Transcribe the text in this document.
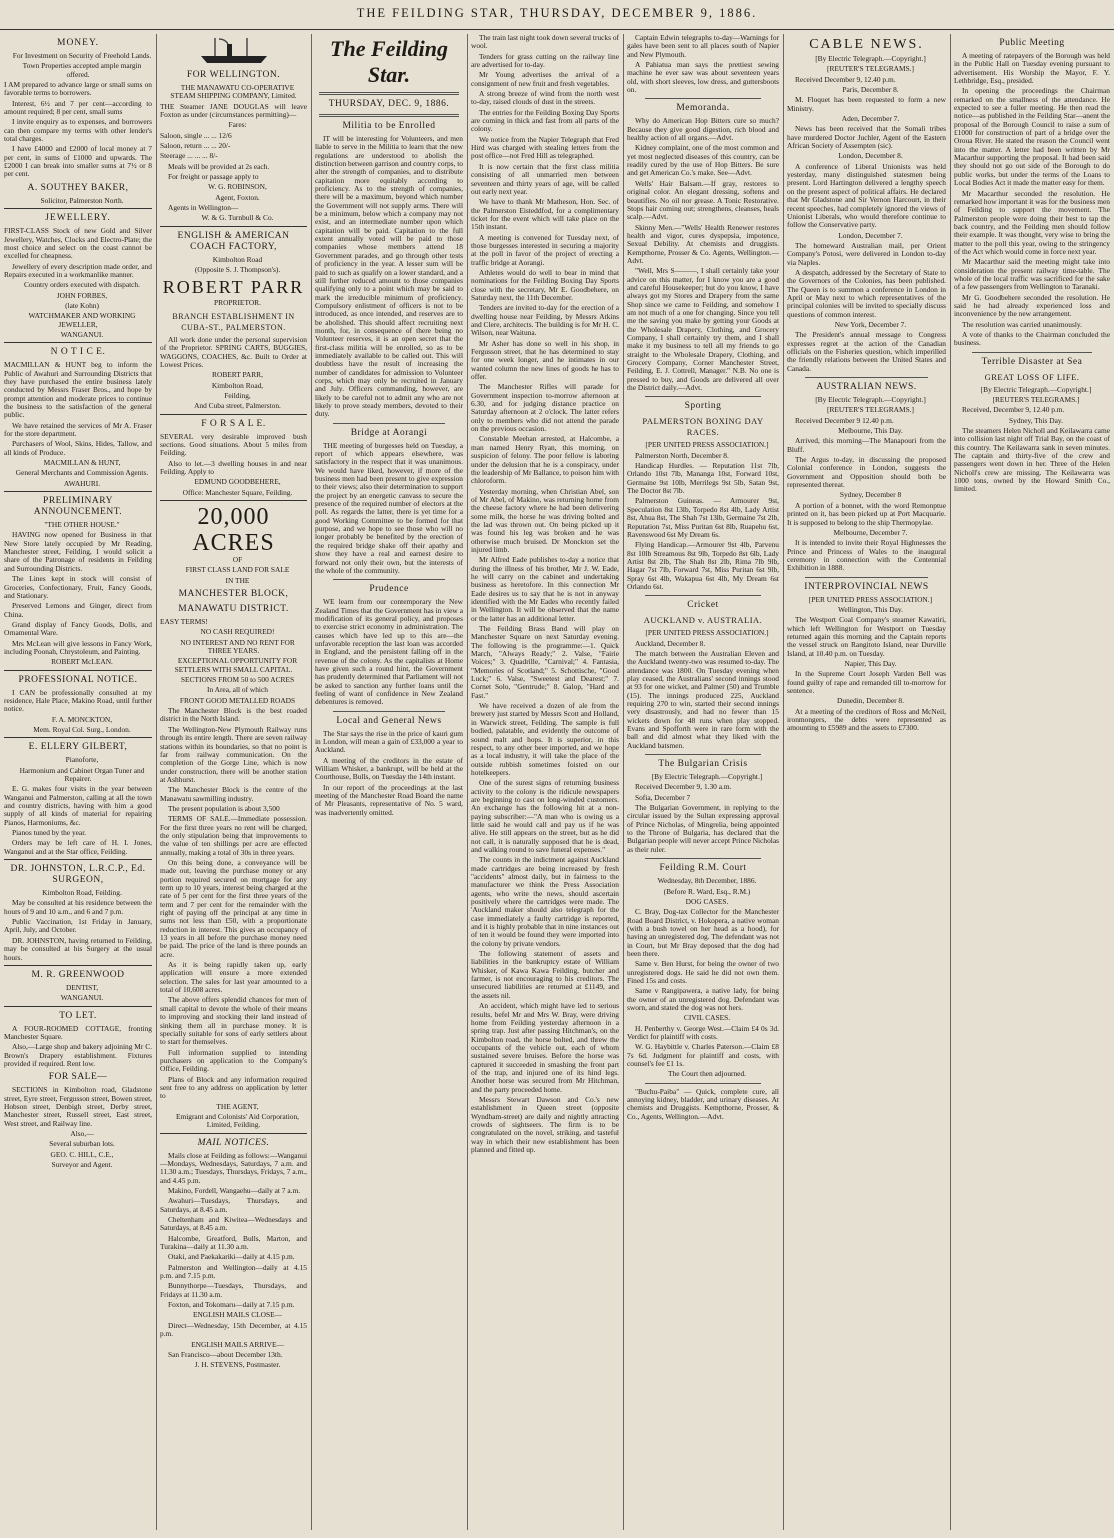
THE FEILDING STAR, THURSDAY, DECEMBER 9, 1886.
MONEY.

For Investment on Security of Freehold Lands.

Town Properties accepted ample margin offered.

I AM prepared to advance large or small sums on favorable terms to borrowers.

Interest, 6½ and 7 per cent—according to amount required; 8 per cent, small sums

I invite enquiry as to expenses, and borrowers can then compare my terms with other lender's total charges.

I have £4000 and £2000 of local money at 7 per cent, in sums of £1000 and upwards. The £2000 I can break into smaller sums at 7½ or 8 per cent.

A. SOUTHEY BAKER,

Solicitor, Palmerston North.

JEWELLERY.

FIRST-CLASS Stock of new Gold and Silver Jewellery, Watches, Clocks and Electro-Plate; the most choice and select on the coast cannot be excelled for cheapness.

Jewellery of every description made order, and Repairs executed in a workmanlike manner.

Country orders executed with dispatch.

JOHN FORBES,

(late Kohn)

WATCHMAKER AND WORKING JEWELLER,

WANGANUI.

N O T I C E.

MACMILLAN & HUNT beg to inform the Public of Awahuri and Surrounding Districts that they have purchased the entire business lately conducted by Messrs Fraser Bros., and hope by prompt attention and moderate prices to continue the business to the satisfaction of the general public.

We have retained the services of Mr A. Fraser for the store department.

Purchasers of Wool, Skins, Hides, Tallow, and all kinds of Produce.

MACMILLAN & HUNT,

General Merchants and Commission Agents.

AWAHURI.

PRELIMINARY ANNOUNCEMENT.

"THE OTHER HOUSE."

HAVING now opened for Business in that New Store lately occupied by Mr Reading, Manchester street, Feilding, I would solicit a share of the Patronage of residents in Feilding and Surrounding Districts.

The Lines kept in stock will consist of Groceries, Confectionary, Fruit, Fancy Goods, and Stationary.

Preserved Lemons and Ginger, direct from China.

Grand display of Fancy Goods, Dolls, and Ornamental Ware.

Mrs McLean will give lessons in Fancy Work, including Poonah, Chrystoleum, and Painting.

ROBERT McLEAN.

PROFESSIONAL NOTICE.

I CAN be professionally consulted at my residence, Hale Place, Makino Road, until further notice.

F. A. MONCKTON,

Mem. Royal Col. Surg., London.

E. ELLERY GILBERT,

Pianoforte,

Harmonium and Cabinet Organ Tuner and Repairer.

E. G. makes four visits in the year between Wanganui and Palmerston, calling at all the town and country districts, having with him a good supply of all kinds of material for repairing Pianos, Harmoniums, &c.

Pianos tuned by the year.

Orders may be left care of H. I. Jones, Wanganui and at the Star office, Feilding.

DR. JOHNSTON, L.R.C.P., Ed. SURGEON,

Kimbolton Road, Feilding.

May be consulted at his residence between the hours of 9 and 10 a.m., and 6 and 7 p.m.

Public Vaccination, 1st Friday in January, April, July, and October.

DR. JOHNSTON, having returned to Feilding, may be consulted at his Surgery at the usual hours.

M. R. GREENWOOD

DENTIST,

WANGANUI.

TO LET.

A FOUR-ROOMED COTTAGE, fronting Manchester Square.

Also,—Large shop and bakery adjoining Mr C. Brown's Drapery establishment. Fixtures provided if required. Rent low.

FOR SALE—

SECTIONS in Kimbolton road, Gladstone street, Eyre street, Fergusson street, Bowen street, Hobson street, Denbigh street, Derby street, Manchester street, Russell street, East street, West street, and Railway line.

Also,—

Several suburban lots.

GEO. C. HILL, C.E.,

Surveyor and Agent.

FOR WELLINGTON.

THE MANAWATU CO-OPERATIVE STEAM SHIPPING COMPANY, Limited.

THE Steamer JANE DOUGLAS will leave Foxton as under (circumstances permitting)—

Fares:

Saloon, single ... ... 12/6

Saloon, return ... ... 20/-

Steerage ... ... ... 8/-

Meals will be provided at 2s each.

For freight or passage apply to

W. G. ROBINSON,

Agent, Foxton.

Agents in Wellington—

W. & G. Turnbull & Co.

ENGLISH & AMERICAN COACH FACTORY,

Kimbolton Road

(Opposite S. J. Thompson's).

ROBERT PARR

PROPRIETOR.

BRANCH ESTABLISHMENT IN CUBA-ST., PALMERSTON.

All work done under the personal supervision of the Proprietor. SPRING CARTS, BUGGIES, WAGGONS, COACHES, &c. Built to Order at Lowest Prices.

ROBERT PARR,

Kimbolton Road,

Feilding,

And Cuba street, Palmerston.

F O R S A L E.

SEVERAL very desirable improved bush sections. Good situations. About 5 miles from Feilding.

Also to let.—3 dwelling houses in and near Feilding. Apply to

EDMUND GOODBEHERE,

Office: Manchester Square, Feilding.

20,000 ACRES

OF

FIRST CLASS LAND FOR SALE

IN THE

MANCHESTER BLOCK,
MANAWATU DISTRICT.

EASY TERMS!

NO CASH REQUIRED!

NO INTEREST AND NO RENT FOR THREE YEARS.

EXCEPTIONAL OPPORTUNITY FOR SETTLERS WITH SMALL CAPITAL.

SECTIONS FROM 50 to 500 ACRES

In Area, all of which

FRONT GOOD METALLED ROADS

The Manchester Block is the best roaded district in the North Island.

The Wellington-New Plymouth Railway runs through its entire length. There are seven railway stations within its boundaries, so that no point is far from railway communication. On the completion of the Gorge Line, which is now under construction, there will be another station at Ashhurst.

The Manchester Block is the centre of the Manawatu sawmilling industry.

The present population is about 3,500

TERMS OF SALE.—Immediate possession. For the first three years no rent will be charged, the only stipulation being that improvements to the value of ten shillings per acre are effected annually, making a total of 30s in three years.

On this being done, a conveyance will be made out, leaving the purchase money or any portion required secured on mortgage for any term up to 10 years, interest being charged at the rate of 5 per cent for the first three years of the term and 7 per cent for the remainder with the right of paying off the principal at any time in sums not less than £50, with a proportionate reduction in interest. This gives an occupancy of 13 years in all before the purchase money need be paid. The price of the land is three pounds an acre.

As it is being rapidly taken up, early application will ensure a more extended selection. The sales for last year amounted to a total of 10,608 acres.

The above offers splendid chances for men of small capital to devote the whole of their means to improving and stocking their land instead of sinking them all in purchase money. It is specially suitable for sons of early settlers about to start for themselves.

Full information supplied to intending purchasers on application to the Company's Office, Feilding.

Plans of Block and any information required sent free to any address on application by letter to

THE AGENT,

Emigrant and Colonists' Aid Corporation, Limited, Feilding.

MAIL NOTICES.

Mails close at Feilding as follows:—Wanganui—Mondays, Wednesdays, Saturdays, 7 a.m. and 11.30 a.m.; Tuesdays, Thursdays, Fridays, 7 a.m., and 4.45 p.m.

Makino, Fordell, Wangaehu—daily at 7 a.m.

Awahuri—Tuesdays, Thursdays, and Saturdays, at 8.45 a.m.

Cheltenham and Kiwitea—Wednesdays and Saturdays, at 8.45 a.m.

Halcombe, Greatford, Bulls, Marton, and Turakina—daily at 11.30 a.m.

Otaki, and Paekakariki—daily at 4.15 p.m.

Palmerston and Wellington—daily at 4.15 p.m. and 7.15 p.m.

Bunnythorpe—Tuesdays, Thursdays, and Fridays at 11.30 a.m.

Foxton, and Tokomaru—daily at 7.15 p.m.

ENGLISH MAILS CLOSE—

Direct—Wednesday, 15th December, at 4.15 p.m.

ENGLISH MAILS ARRIVE—

San Francisco—about December 13th.

J. H. STEVENS, Postmaster.

The Feilding Star.
THURSDAY, DEC. 9, 1886.
Militia to be Enrolled

IT will be interesting for Volunteers, and men liable to serve in the Militia to learn that the new regulations are understood to abolish the distinction between garrison and country corps, to alter the strength of companies, and to distribute capitation more equitably according to proficiency. As to the strength of companies, there will be a maximum, beyond which number the Government will not supply arms. There will be a minimum, below which a company may not exist, and an intermediate number upon which capitation will be paid. Capitation to the full extent annually voted will be paid to those companies whose members attend 18 Government parades, and go through other tests of proficiency in the year. A lesser sum will be paid to such as qualify on a lower standard, and a still further reduced amount to those companies qualifying only to a point which may be said to mark the irreducible minimum of proficiency. Compulsory enlistment of officers is not to be introduced, as once intended, and reserves are to be abolished. This should affect recruiting next month, for, in consequence of there being no Volunteer reserves, it is an open secret that the first-class militia will be enrolled, so as to be immediately available to be called out. This will doubtless have the result of increasing the number of candidates for admission to Volunteer corps, which may only be recruited in January and July. Officers commanding, however, are likely to be careful not to admit any who are not likely to prove steady members, devoted to their duty.

Bridge at Aorangi

THE meeting of burgesses held on Tuesday, a report of which appears elsewhere, was satisfactory in the respect that it was unanimous. We would have liked, however, if more of the business men had been present to give expression to their views; also their determination to support the project by an energetic canvass to secure the presence of the required number of electors at the poll. As regards the latter, there is yet time for a good Working Committee to be formed for that purpose, and we hope to see those who will no longer probably be benefited by the erection of the required bridge shake off their apathy and show they have a real and earnest desire to forward not only their own, but the interests of the whole of the community.

Prudence

WE learn from our contemporary the New Zealand Times that the Government has in view a modification of its general policy, and proposes to exercise strict economy in administration. The causes which have led up to this are—the unfavorable reception the last loan was accorded in England, and the persistent falling off in the revenue of the colony. As the capitalists at Home have given such a round hint, the Government has prudently determined that Parliament will not be asked to sanction any further loans until the feeling of want of confidence in New Zealand debentures is removed.

Local and General News

The Star says the rise in the price of kauri gum in London, will mean a gain of £33,000 a year to Auckland.

A meeting of the creditors in the estate of William Whisker, a bankrupt, will be held at the Courthouse, Bulls, on Tuesday the 14th instant.

In our report of the proceedings at the last meeting of the Manchester Road Board the name of Mr Pleasants, representative of No. 5 ward, was inadvertently omitted.

The train last night took down several trucks of wool.

Tenders for grass cutting on the railway line are advertised for to-day.

Mr Young advertises the arrival of a consignment of new fruit and fresh vegetables.

A strong breeze of wind from the north west to-day, raised clouds of dust in the streets.

The entries for the Feilding Boxing Day Sports are coming in thick and fast from all parts of the colony.

We notice from the Napier Telegraph that Fred Hird was charged with stealing letters from the post office—not Fred Hill as telegraphed.

It is now certain that the first class militia consisting of all unmarried men between seventeen and thirty years of age, will be called out early next year.

We have to thank Mr Matheson, Hon. Sec. of the Palmerston Eisteddfod, for a complimentary ticket for the event which will take place on the 15th instant.

A meeting is convened for Tuesday next, of those burgesses interested in securing a majority at the poll in favor of the project of erecting a traffic bridge at Aorangi.

Athletes would do well to bear in mind that nominations for the Feilding Boxing Day Sports close with the secretary, Mr E. Goodbehere, on Saturday next, the 11th December.

Tenders are invited to-day for the erection of a dwelling house near Feilding, by Messrs Atkins and Clere, architects. The building is for Mr H. C. Wilson, near Waituna.

Mr Asher has done so well in his shop, in Fergusson street, that he has determined to stay for one week longer, and he intimates in our wanted column the new lines of goods he has to offer.

The Manchester Rifles will parade for Government inspection to-morrow afternoon at 6.30, and for judging distance practice on Saturday afternoon at 2 o'clock. The latter refers only to members who did not attend the parade on the previous occasion.

Constable Meehan arrested, at Halcombe, a man named Henry Ryan, this morning, on suspicion of felony. The poor fellow is laboring under the delusion that he is a conspiracy, under the leadership of Mr Ballance, to poison him with chloroform.

Yesterday morning, when Christian Abel, son of Mr Abel, of Makino, was returning home from the cheese factory where he had been delivering some milk, the horse he was driving bolted and the lad was thrown out. On being picked up it was found his leg was broken and he was otherwise much bruised. Dr Monckton set the injured limb.

Mr Alfred Eade publishes to-day a notice that during the illness of his brother, Mr J. W. Eade, he will carry on the cabinet and undertaking business as heretofore. In this connection Mr Eade desires us to say that he is not in anyway identified with the Mr Eades who recently failed in Wellington. It will be observed that the name or the latter has an additional letter.

The Feilding Brass Band will play on Manchester Square on next Saturday evening. The following is the programme:—1. Quick March, "Always Ready;" 2. Valse, "Fairie Voices;" 3. Quadrille, "Carnival;" 4. Fantasia, "Memories of Scotland;" 5. Schottische, "Good Luck;" 6. Valse, "Sweetest and Dearest;" 7. Cornet Solo, "Gentrude;" 8. Galop, "Hard and Fast."

We have received a dozen of ale from the brewery just started by Messrs Scott and Holland, in Warwick street, Feilding. The sample is full bodied, palatable, and evidently the outcome of sound malt and hops. It is superior, in this respect, to any other beer imported, and we hope as a local industry, it will take the place of the outside rubbish sometimes foisted on our hotelkeepers.

One of the surest signs of returning business activity to the colony is the ridicule newspapers are beginning to cast on long-winded customers. An exchange has the following hit at a non-paying subscriber:—"A man who is owing us a little said he would call and pay us if he was alive. He still appears on the street, but as he did not call, it is naturally supposed that he is dead, and walking round to save funeral expenses."

The counts in the indictment against Auckland made cartridges are being increased by fresh "accidents" almost daily, but in fairness to the manufacturer we think the Press Association agents, who write the news, should ascertain positively where the cartridges were made. The 'Auckland maker should also telegraph for the case immediately a faulty cartridge is reported, and it is highly probable that in nine instances out of ten it would be found they were imported into the colony by private vendors.

The following statement of assets and liabilities in the bankruptcy estate of William Whisker, of Kawa Kawa Feilding, butcher and farmer, is not encouraging to his creditors. The unsecured liabilities are returned at £1149, and the assets nil.

An accident, which might have led to serious results, befel Mr and Mrs W. Bray, were driving home from Feilding yesterday afternoon in a spring trap. Just after passing Hitchman's, on the Kimbolton road, the horse bolted, and threw the occupants of the vehicle out, each of whom sustained severe bruises. Before the horse was captured it succeeded in smashing the front part of the trap, and injured one of its hind legs. Another horse was secured from Mr Hitchman, and the party proceeded home.

Messrs Stewart Dawson and Co.'s new establishment in Queen street (opposite Wyndham-street) are daily and nightly attracting crowds of sightseers. The firm is to be congratulated on the novel, striking, and tasteful way in which their new establishment has been planned and fitted up.

Captain Edwin telegraphs to-day—Warnings for gales have been sent to all places south of Napier and New Plymouth.

A Pahiatua man says the prettiest sewing machine he ever saw was about seventeen years old, with short sleeves, low dress, and guttersboots on.

Memoranda.

Why do American Hop Bitters cure so much? Because they give good digestion, rich blood and healthy action of all organs.—Advt.

Kidney complaint, one of the most common and yet most neglected diseases of this country, can be readily cured by the use of Hop Bitters. Be sure and get American Co.'s make. See—Advt.

Wells' Hair Balsam.—If gray, restores to original color. An elegant dressing, softens and beautifies. No oil nor grease. A Tonic Restorative. Stops hair coming out; strengthens, cleanses, heals scalp.—Advt.

Skinny Men.—"Wells' Health Renewer restores health and vigor, cures dyspepsia, impotence, Sexual Debility. At chemists and druggists. Kempthorne, Prosser & Co. Agents, Wellington.—Advt.

"Well, Mrs S———, I shall certainly take your advice on this matter, for I know you are a good and careful Housekeeper; but do you know, I have always got my Stores and Drapery from the same Shop since we came to Feilding, and somehow I am not much of a one for changing. Since you tell me the saving you make by getting your Goods at the Wholesale Drapery, Clothing, and Grocery Company, I shall certainly try them, and I shall make it my business to tell all my friends to go straight to the Wholesale Drapery, Clothing, and Grocery Company, Corner Manchester Street, Feilding, E. J. Cottrell, Manager." N.B. No one is pressed to buy, and Goods are delivered all over the District daily.—Advt.

Sporting
PALMERSTON BOXING DAY RACES.

[PER UNITED PRESS ASSOCIATION.]

Palmerston North, December 8.

Handicap Hurdles. — Reputation 11st 7lb, Orlando 10st 7lb, Mananga 10st, Forward 10st, Germaine 9st 10lb, Merrilegs 9st 5lb, Satan 9st, The Doctor 8st 7lb.

Palmerston Guineas. — Armourer 9st, Speculation 8st 13lb, Torpedo 8st 4lb, Lady Artist 8st, Ahua 8st, The Shah 7st 13lb, Germaine 7st 2lb, Reputation 7st, Miss Puritan 6st 8lb, Ruapehu 6st, Ravenswood 6st My Dream 6s.

Flying Handicap.—Armourer 9st 4lb, Parvenu 8st 10lb Streamous 8st 9lb, Torpedo 8st 6lb, Lady Artist 8st 2lb, The Shah 8st 2lb, Rima 7lb 9lb, Hagar 7st 7lb, Forward 7st, Miss Puritan 6st 9lb, Spray 6st 4lb, Wakapua 6st 4lb, My Dream 6st Orlando 6st.

Cricket
AUCKLAND v. AUSTRALIA.

[PER UNITED PRESS ASSOCIATION.]

Auckland, December 8.

The match between the Australian Eleven and the Auckland twenty-two was resumed to-day. The attendance was 1800. On Tuesday evening when play ceased, the Australians' second innings stood at 93 for one wicket, and Palmer (50) and Trumble (15). The innings produced 225, Auckland requiring 270 to win, started their second innings very disastrously, and had no fewer than 15 wickets down for 48 runs when play stopped. Evans and Spofforth were in rare form with the ball and did almost what they liked with the Auckland batsmen.

The Bulgarian Crisis

[By Electric Telegraph.—Copyright.]

Received December 9, 1.30 a.m.

Sofia, December 7

The Bulgarian Government, in replying to the circular issued by the Sultan expressing approval of Prince Nicholas, of Mingrelia, being appointed to the Throne of Bulgaria, has declared that the Bulgarian people will never accept Prince Nicholas as their ruler.

Feilding R.M. Court

Wednesday, 8th December, 1886.

(Before R. Ward, Esq., R.M.)

DOG CASES.

C. Bray, Dog-tax Collector for the Manchester Road Board District, v. Hokopera, a native woman (with a bush towel on her head as a hood), for having an unregistered dog. The defendant was not in Court, but Mr Bray deposed that the dog had been there.

Same v. Ben Hurst, for being the owner of two unregistered dogs. He said he did not own them. Fined 15s and costs.

Same v Rangipawera, a native lady, for being the owner of an unregistered dog. Defendant was sworn, and stated the dog was not hers.

CIVIL CASES.

H. Penberthy v. George West.—Claim £4 0s 3d. Verdict for plaintiff with costs.

W. G. Haybittle v. Charles Paterson.—Claim £8 7s 6d. Judgment for plaintiff and costs, with counsel's fee £1 1s.

The Court then adjourned.

"Buchu-Paiba" — Quick, complete cure, all annoying kidney, bladder, and urinary diseases. At chemists and Druggists. Kempthorne, Prosser, & Co., Agents, Wellington.—Advt.

CABLE NEWS.

[By Electric Telegraph.—Copyright.]

[REUTER'S TELEGRAMS.]

Received December 9, 12.40 p.m.

Paris, December 8.

M. Floquet has been requested to form a new Ministry.

Aden, December 7.

News has been received that the Somali tribes have murdered Doctor Juchler, Agent of the Eastern African Society of Assempten (sic).

London, December 8.

A conference of Liberal Unionists was held yesterday, many distinguished statesmen being present. Lord Hartington delivered a lengthy speech on the present aspect of political affairs. He declared that Mr Gladstone and Sir Vernon Harcourt, in their recent speeches, had completely ignored the views of Unionist Liberals, who would therefore continue to follow the Conservative party.

London, December 7.

The homeward Australian mail, per Orient Company's Potosi, were delivered in London to-day via Naples.

A despatch, addressed by the Secretary of State to the Governors of the Colonies, has been published. The Queen is to summon a conference in London in April or May next to which representatives of the principal colonies will be invited to specially discuss questions of common interest.

New York, December 7.

The President's annual message to Congress expresses regret at the action of the Canadian officials on the Fisheries question, which imperilled the friendly relations between the United States and Canada.

AUSTRALIAN NEWS.

[By Electric Telegraph.—Copyright.]

[REUTER'S TELEGRAMS.]

Received December 9 12.40 p.m.

Melbourne, This Day.

Arrived, this morning—The Manapouri from the Bluff.

The Argus to-day, in discussing the proposed Colonial conference in London, suggests the Government and Opposition should both be represented thereat.

Sydney, December 8

A portion of a bonnet, with the word Remonptue printed on it, has been picked up at Port Macquarie. It is supposed to belong to the ship Thermopylae.

Melbourne, December 7.

It is intended to invite their Royal Highnesses the Prince and Princess of Wales to the inaugural ceremony in connection with the Centennial Exhibition in 1888.

INTERPROVINCIAL NEWS

[PER UNITED PRESS ASSOCIATION.]

Wellington, This Day.

The Westport Coal Company's steamer Kawatiri, which left Wellington for Westport on Tuesday returned again this morning and the Captain reports the vessel struck on Rangitoto Island, near Durville Island, at 10.40 p.m. on Tuesday.

Napier, This Day.

In the Supreme Court Joseph Varden Bell was found guilty of rape and remanded till to-morrow for sentence.

Dunedin, December 8.

At a meeting of the creditors of Ross and McNeil, ironmongers, the debts were represented as amounting to £5989 and the assets to £7300.

Public Meeting

A meeting of ratepayers of the Borough was held in the Public Hall on Tuesday evening pursuant to advertisement. His Worship the Mayor, F. Y. Lethbridge, Esq., presided.

In opening the proceedings the Chairman remarked on the smallness of the attendance. He expected to see a fuller meeting. He then read the notice—as published in the Feilding Star—anent the proposal of the Borough Council to raise a sum of £1000 for construction of part of a bridge over the Oroua River. He stated the reason the Council went into the matter. A letter had been written by Mr Macarthur supporting the proposal. It had been said they should not go out side of the Borough to do public works, but under the terms of the Loans to Local Bodies Act it made the matter easy for them.

Mr Macarthur seconded the resolution. He remarked how important it was for the business men of Feilding to support the movement. The Palmerston people were doing their best to tap the back country, and the Feilding men should follow their example. It was thought, very wise to bring the matter to the poll this year, owing to the stringency of the Act which would come in force next year.

Mr Macarthur said the meeting might take into consideration the present railway time-table. The whole of the local traffic was sacrificed for the sake of a few passengers from Wellington to Taranaki.

Mr G. Goodbehere seconded the resolution. He said he had already experienced loss and inconvenience by the new arrangement.

The resolution was carried unanimously.

A vote of thanks to the Chairman concluded the business.

Terrible Disaster at Sea
GREAT LOSS OF LIFE.

[By Electric Telegraph.—Copyright.]

[REUTER'S TELEGRAMS.]

Received, December 9, 12.40 p.m.

Sydney, This Day.

The steamers Helen Nicholl and Keilawarra came into collision last night off Trial Bay, on the coast of this country. The Keilawarra sank in seven minutes. The captain and thirty-five of the crew and passengers went down in her. Three of the Helen Nicholl's crew are missing. The Keilawarra was 1000 tons, owned by the Howard Smith Co., limited.
